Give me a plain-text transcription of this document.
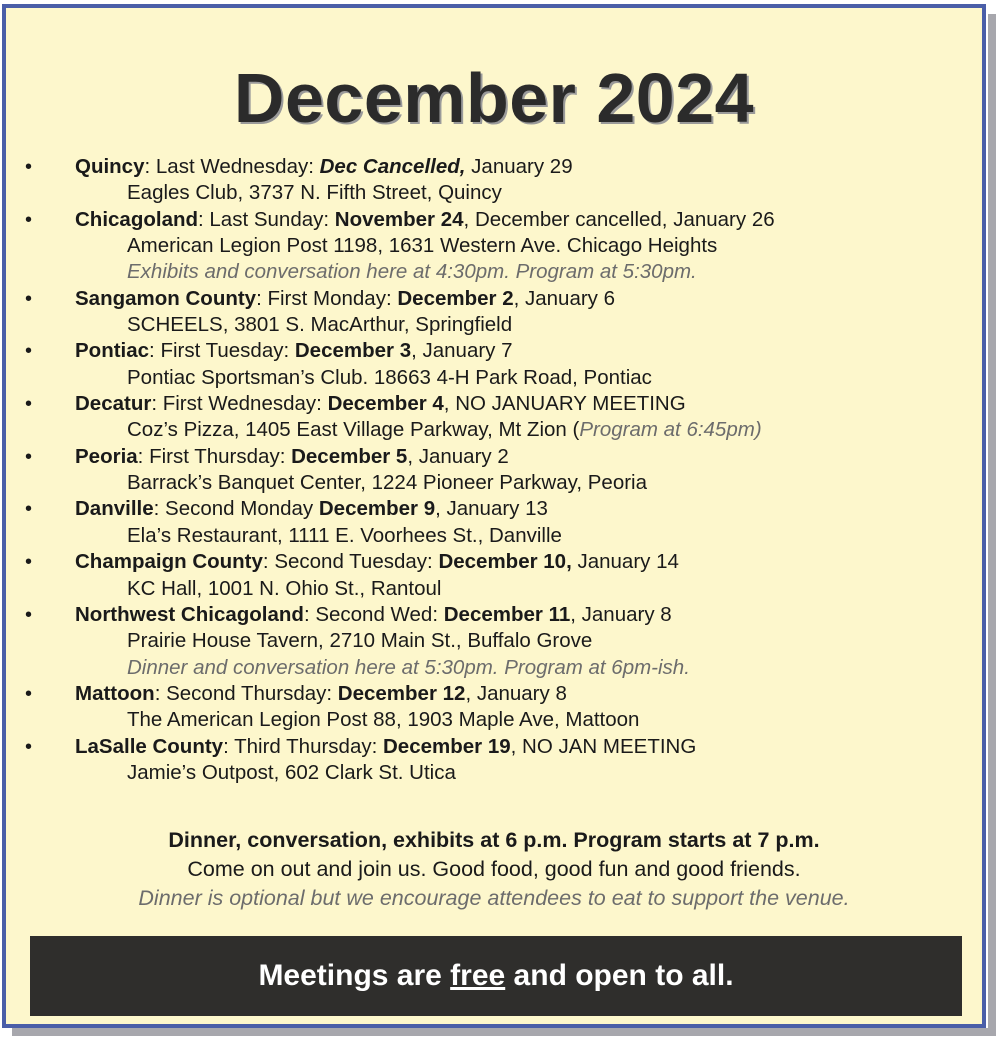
December 2024
• Quincy: Last Wednesday: Dec Cancelled, January 29
Eagles Club, 3737 N. Fifth Street, Quincy
• Chicagoland: Last Sunday: November 24, December cancelled, January 26
American Legion Post 1198, 1631 Western Ave. Chicago Heights
Exhibits and conversation here at 4:30pm. Program at 5:30pm.
• Sangamon County: First Monday: December 2, January 6
SCHEELS, 3801 S. MacArthur, Springfield
• Pontiac: First Tuesday: December 3, January 7
Pontiac Sportsman’s Club. 18663 4-H Park Road, Pontiac
• Decatur: First Wednesday: December 4, NO JANUARY MEETING
Coz’s Pizza, 1405 East Village Parkway, Mt Zion (Program at 6:45pm)
• Peoria: First Thursday: December 5, January 2
Barrack’s Banquet Center, 1224 Pioneer Parkway, Peoria
• Danville: Second Monday December 9, January 13
Ela’s Restaurant, 1111 E. Voorhees St., Danville
• Champaign County: Second Tuesday: December 10, January 14
KC Hall, 1001 N. Ohio St., Rantoul
• Northwest Chicagoland: Second Wed: December 11, January 8
Prairie House Tavern, 2710 Main St., Buffalo Grove
Dinner and conversation here at 5:30pm. Program at 6pm-ish.
• Mattoon: Second Thursday: December 12, January 8
The American Legion Post 88, 1903 Maple Ave, Mattoon
• LaSalle County: Third Thursday: December 19, NO JAN MEETING
Jamie’s Outpost, 602 Clark St. Utica
Dinner, conversation, exhibits at 6 p.m. Program starts at 7 p.m.
Come on out and join us. Good food, good fun and good friends.
Dinner is optional but we encourage attendees to eat to support the venue.
Meetings are free and open to all.
